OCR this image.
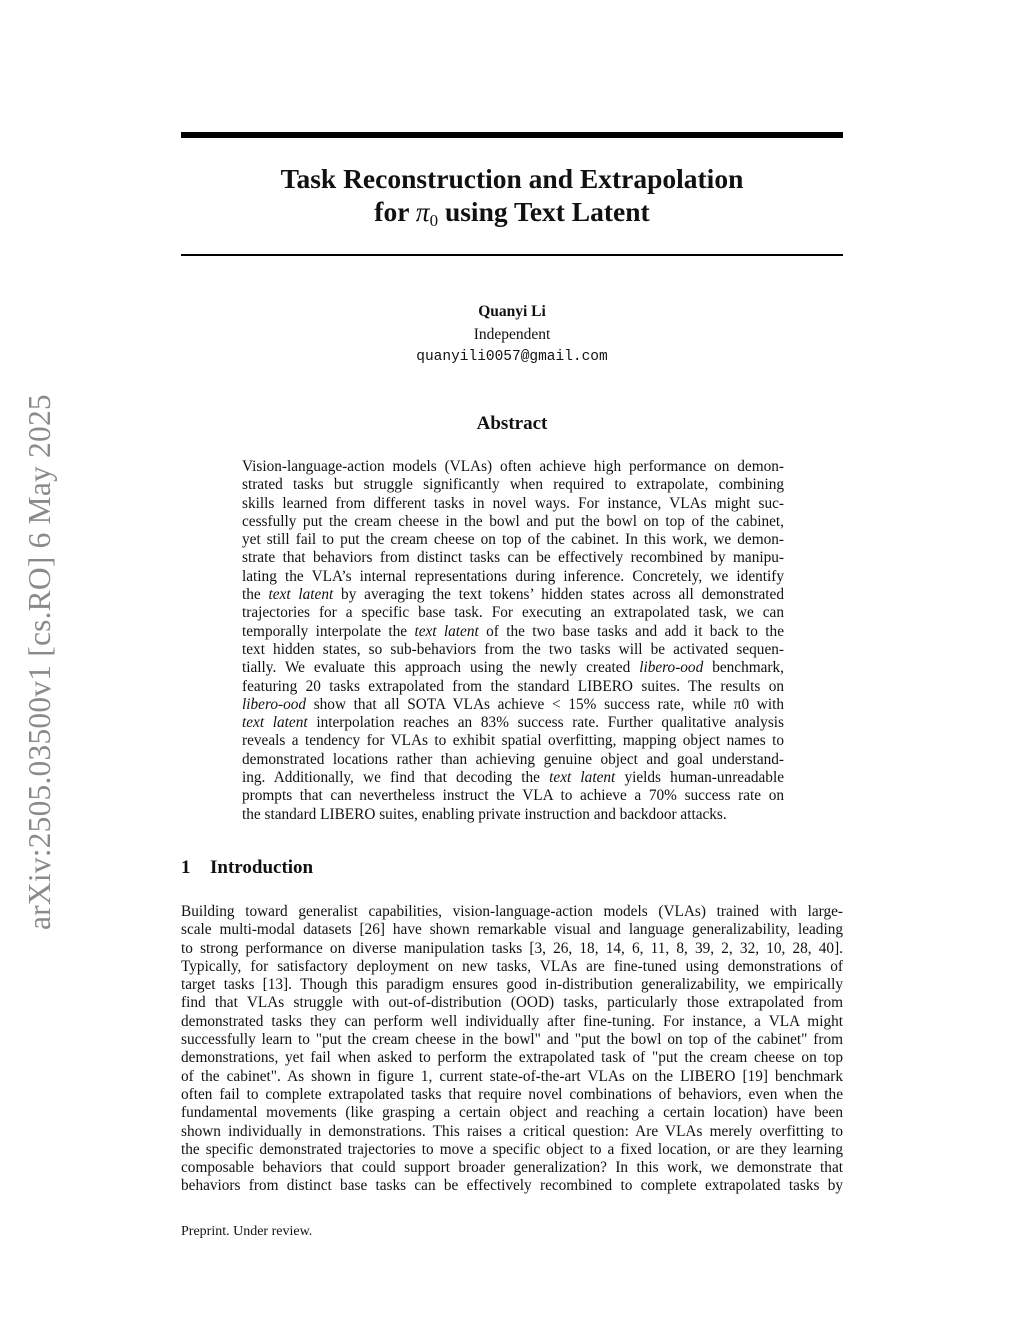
arXiv:2505.03500v1 [cs.RO] 6 May 2025
Task Reconstruction and Extrapolation
for $\pi_0$ using Text Latent
Quanyi Li
Independent
quanyili0057@gmail.com
Abstract
Vision-language-action models (VLAs) often achieve high performance on demon-
strated tasks but struggle significantly when required to extrapolate, combining
skills learned from different tasks in novel ways. For instance, VLAs might suc-
cessfully put the cream cheese in the bowl and put the bowl on top of the cabinet,
yet still fail to put the cream cheese on top of the cabinet. In this work, we demon-
strate that behaviors from distinct tasks can be effectively recombined by manipu-
lating the VLA’s internal representations during inference. Concretely, we identify
the text latent by averaging the text tokens’ hidden states across all demonstrated
trajectories for a specific base task. For executing an extrapolated task, we can
temporally interpolate the text latent of the two base tasks and add it back to the
text hidden states, so sub-behaviors from the two tasks will be activated sequen-
tially. We evaluate this approach using the newly created libero-ood benchmark,
featuring 20 tasks extrapolated from the standard LIBERO suites. The results on
libero-ood show that all SOTA VLAs achieve < 15% success rate, while π0 with
text latent interpolation reaches an 83% success rate. Further qualitative analysis
reveals a tendency for VLAs to exhibit spatial overfitting, mapping object names to
demonstrated locations rather than achieving genuine object and goal understand-
ing. Additionally, we find that decoding the text latent yields human-unreadable
prompts that can nevertheless instruct the VLA to achieve a 70% success rate on
the standard LIBERO suites, enabling private instruction and backdoor attacks.
1 Introduction
Building toward generalist capabilities, vision-language-action models (VLAs) trained with large-
scale multi-modal datasets [26] have shown remarkable visual and language generalizability, leading
to strong performance on diverse manipulation tasks [3, 26, 18, 14, 6, 11, 8, 39, 2, 32, 10, 28, 40].
Typically, for satisfactory deployment on new tasks, VLAs are fine-tuned using demonstrations of
target tasks [13]. Though this paradigm ensures good in-distribution generalizability, we empirically
find that VLAs struggle with out-of-distribution (OOD) tasks, particularly those extrapolated from
demonstrated tasks they can perform well individually after fine-tuning. For instance, a VLA might
successfully learn to "put the cream cheese in the bowl" and "put the bowl on top of the cabinet" from
demonstrations, yet fail when asked to perform the extrapolated task of "put the cream cheese on top
of the cabinet". As shown in figure 1, current state-of-the-art VLAs on the LIBERO [19] benchmark
often fail to complete extrapolated tasks that require novel combinations of behaviors, even when the
fundamental movements (like grasping a certain object and reaching a certain location) have been
shown individually in demonstrations. This raises a critical question: Are VLAs merely overfitting to
the specific demonstrated trajectories to move a specific object to a fixed location, or are they learning
composable behaviors that could support broader generalization? In this work, we demonstrate that
behaviors from distinct base tasks can be effectively recombined to complete extrapolated tasks by
Preprint. Under review.
